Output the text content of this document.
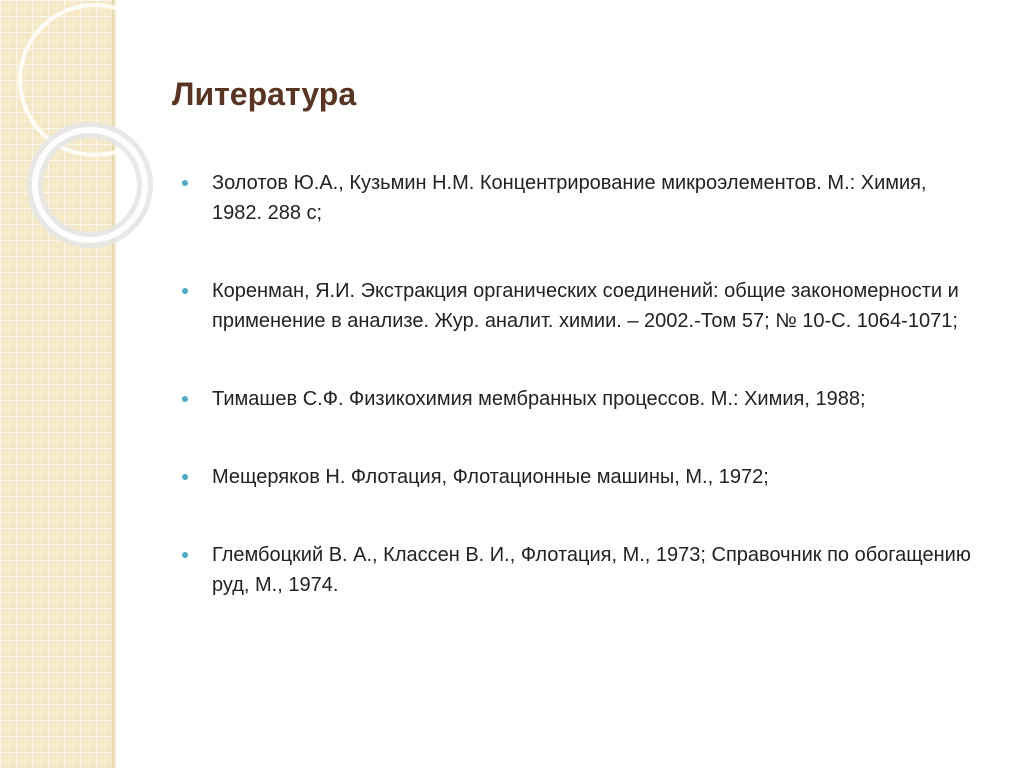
Литература
Золотов Ю.А., Кузьмин Н.М. Концентрирование микроэлементов. М.: Химия, 1982. 288 с;
Коренман, Я.И. Экстракция органических соединений: общие закономерности и применение в анализе. Жур. аналит. химии. – 2002.-Том 57; № 10-С. 1064-1071;
Тимашев С.Ф. Физикохимия мембранных процессов. М.: Химия, 1988;
Мещеряков Н. Флотация, Флотационные машины, М., 1972;
Глембоцкий В. А., Классен В. И., Флотация, М., 1973; Справочник по обогащению руд, М., 1974.
